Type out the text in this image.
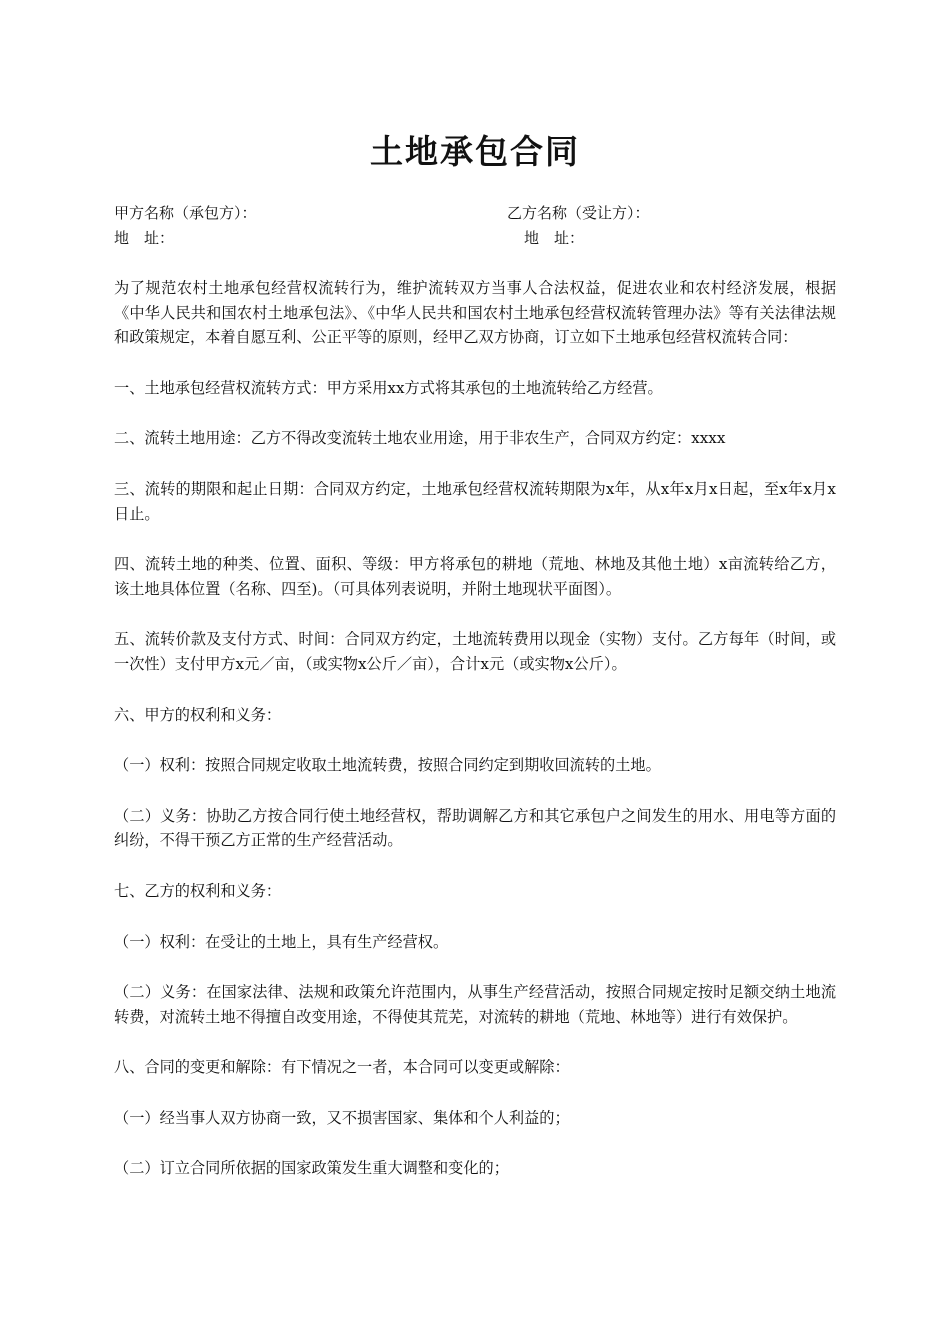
土地承包合同
甲方名称（承包方）：	乙方名称（受让方）：
地　址：	地　址：

为了规范农村土地承包经营权流转行为，维护流转双方当事人合法权益，促进农业和农村经济发展，根据《中华人民共和国农村土地承包法》、《中华人民共和国农村土地承包经营权流转管理办法》等有关法律法规和政策规定，本着自愿互利、公正平等的原则，经甲乙双方协商，订立如下土地承包经营权流转合同：

一、土地承包经营权流转方式：甲方采用xx方式将其承包的土地流转给乙方经营。

二、流转土地用途：乙方不得改变流转土地农业用途，用于非农生产，合同双方约定：xxxx

三、流转的期限和起止日期：合同双方约定，土地承包经营权流转期限为x年，从x年x月x日起，至x年x月x日止。

四、流转土地的种类、位置、面积、等级：甲方将承包的耕地（荒地、林地及其他土地）x亩流转给乙方，该土地具体位置（名称、四至)。（可具体列表说明，并附土地现状平面图）。

五、流转价款及支付方式、时间：合同双方约定，土地流转费用以现金（实物）支付。乙方每年（时间，或一次性）支付甲方x元／亩，（或实物x公斤／亩），合计x元（或实物x公斤）。

六、甲方的权利和义务：

（一）权利：按照合同规定收取土地流转费，按照合同约定到期收回流转的土地。

（二）义务：协助乙方按合同行使土地经营权，帮助调解乙方和其它承包户之间发生的用水、用电等方面的纠纷，不得干预乙方正常的生产经营活动。

七、乙方的权利和义务：

（一）权利：在受让的土地上，具有生产经营权。

（二）义务：在国家法律、法规和政策允许范围内，从事生产经营活动，按照合同规定按时足额交纳土地流转费，对流转土地不得擅自改变用途，不得使其荒芜，对流转的耕地（荒地、林地等）进行有效保护。

八、合同的变更和解除：有下情况之一者，本合同可以变更或解除：

（一）经当事人双方协商一致，又不损害国家、集体和个人利益的；

（二）订立合同所依据的国家政策发生重大调整和变化的；
